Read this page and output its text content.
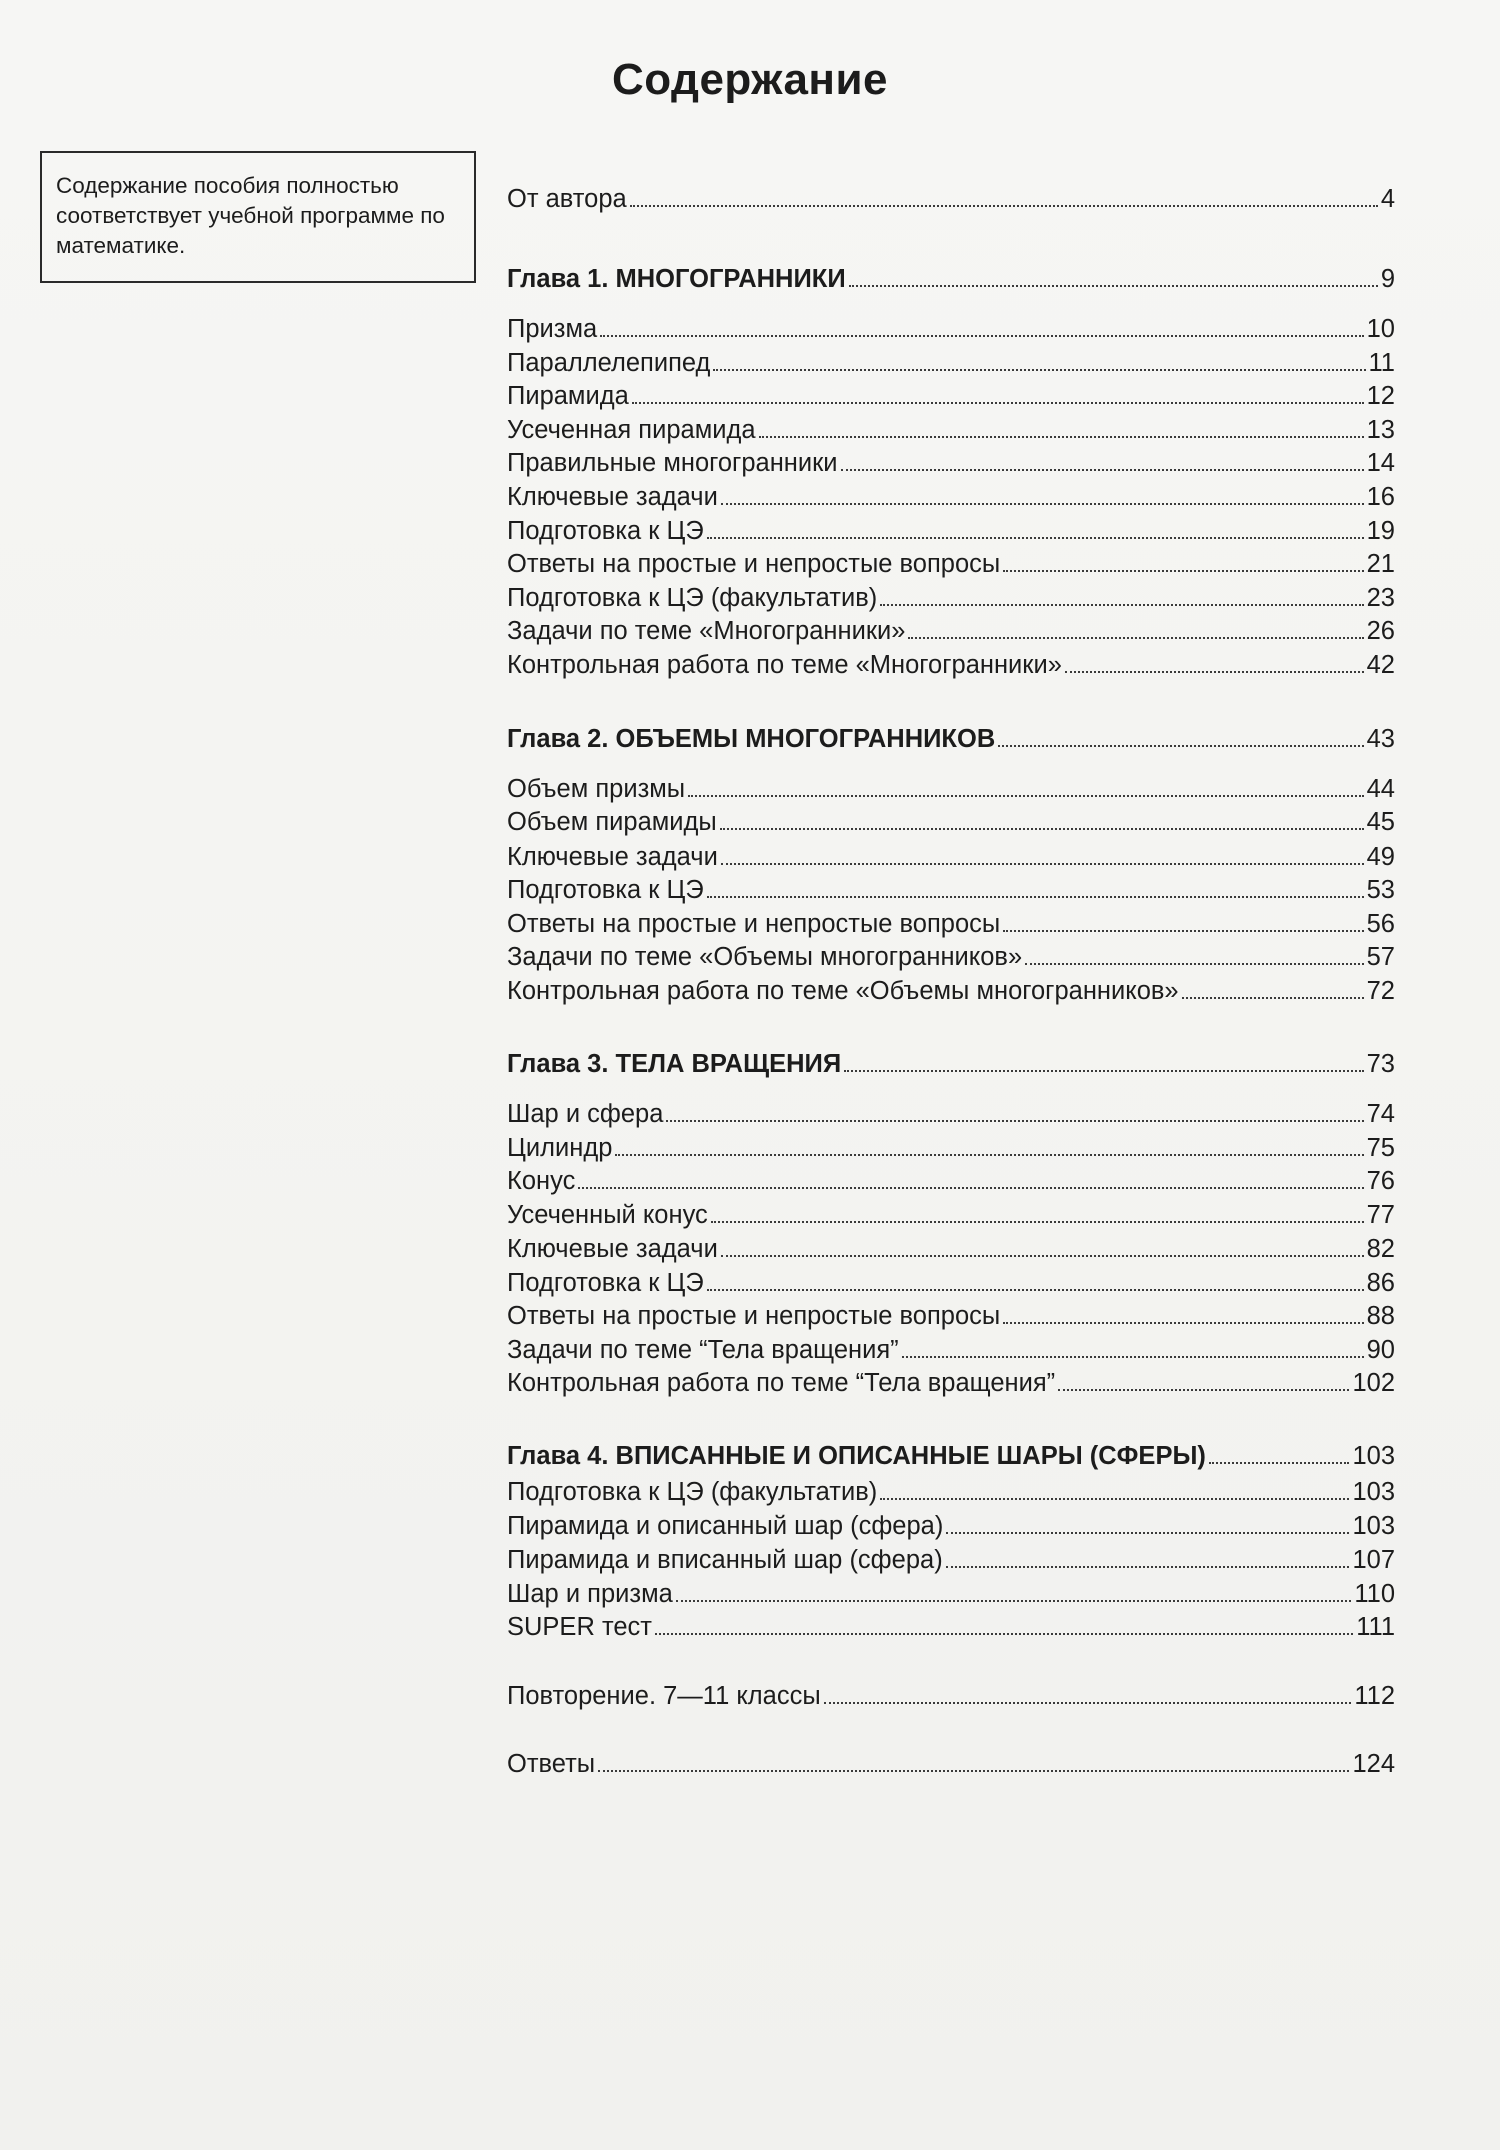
Содержание
Содержание пособия полностью соответствует учебной программе по математике.
От автора	4
Глава 1. МНОГОГРАННИКИ	9
Призма	10
Параллелепипед	11
Пирамида	12
Усеченная пирамида	13
Правильные многогранники	14
Ключевые задачи	16
Подготовка к ЦЭ	19
Ответы на простые и непростые вопросы	21
Подготовка к ЦЭ (факультатив)	23
Задачи по теме «Многогранники»	26
Контрольная работа по теме «Многогранники»	42
Глава 2. ОБЪЕМЫ МНОГОГРАННИКОВ	43
Объем призмы	44
Объем пирамиды	45
Ключевые задачи	49
Подготовка к ЦЭ	53
Ответы на простые и непростые вопросы	56
Задачи по теме «Объемы многогранников»	57
Контрольная работа по теме «Объемы многогранников»	72
Глава 3. ТЕЛА ВРАЩЕНИЯ	73
Шар и сфера	74
Цилиндр	75
Конус	76
Усеченный конус	77
Ключевые задачи	82
Подготовка к ЦЭ	86
Ответы на простые и непростые вопросы	88
Задачи по теме “Тела вращения”	90
Контрольная работа по теме “Тела вращения”	102
Глава 4. ВПИСАННЫЕ И ОПИСАННЫЕ ШАРЫ (СФЕРЫ)	103
Подготовка к ЦЭ (факультатив)	103
Пирамида и описанный шар (сфера)	103
Пирамида и вписанный шар (сфера)	107
Шар и призма	110
SUPER тест	111
Повторение. 7—11 классы	112
Ответы	124
